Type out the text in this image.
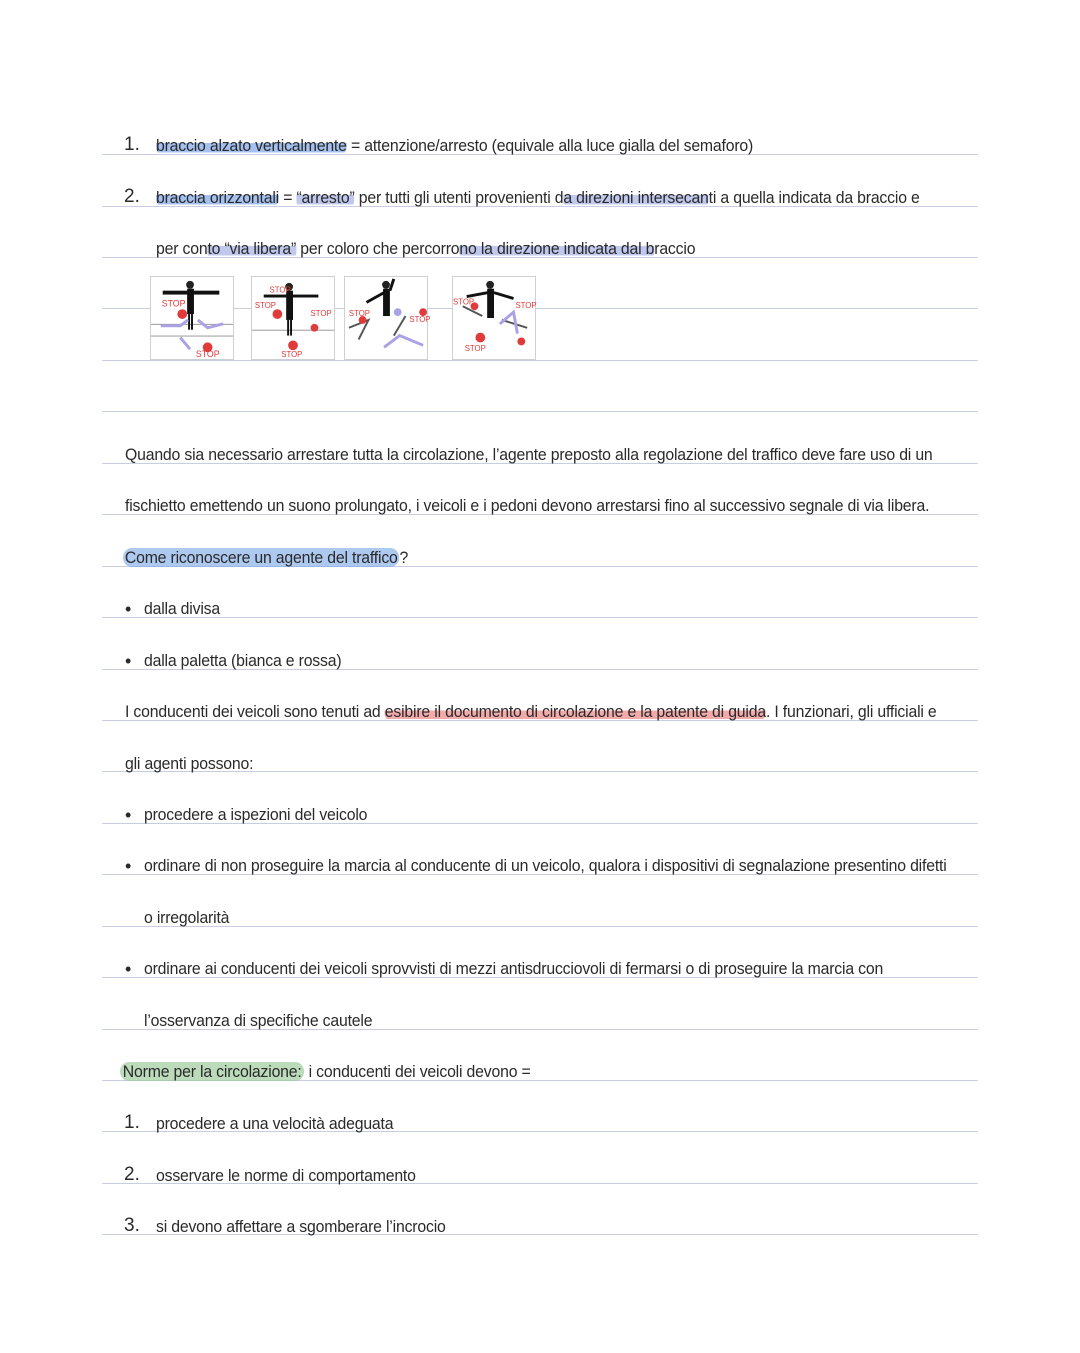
1. braccio alzato verticalmente = attenzione/arresto (equivale alla luce gialla del semaforo)
2. braccia orizzontali = “arresto” per tutti gli utenti provenienti da direzioni intersecanti a quella indicata da braccio e
per conto “via libera” per coloro che percorrono la direzione indicata dal braccio
STOP
STOP
STOP
STOP
STOP
STOP
STOP
STOP
STOP	STOP
STOP
Quando sia necessario arrestare tutta la circolazione, l’agente preposto alla regolazione del traffico deve fare uso di un
fischietto emettendo un suono prolungato, i veicoli e i pedoni devono arrestarsi fino al successivo segnale di via libera.
Come riconoscere un agente del traffico ?
• dalla divisa
• dalla paletta (bianca e rossa)
I conducenti dei veicoli sono tenuti ad esibire il documento di circolazione e la patente di guida. I funzionari, gli ufficiali e
gli agenti possono:
• procedere a ispezioni del veicolo
• ordinare di non proseguire la marcia al conducente di un veicolo, qualora i dispositivi di segnalazione presentino difetti
o irregolarità
• ordinare ai conducenti dei veicoli sprovvisti di mezzi antisdrucciovoli di fermarsi o di proseguire la marcia con
l’osservanza di specifiche cautele
Norme per la circolazione: i conducenti dei veicoli devono =
1. procedere a una velocità adeguata
2. osservare le norme di comportamento
3. si devono affettare a sgomberare l’incrocio
